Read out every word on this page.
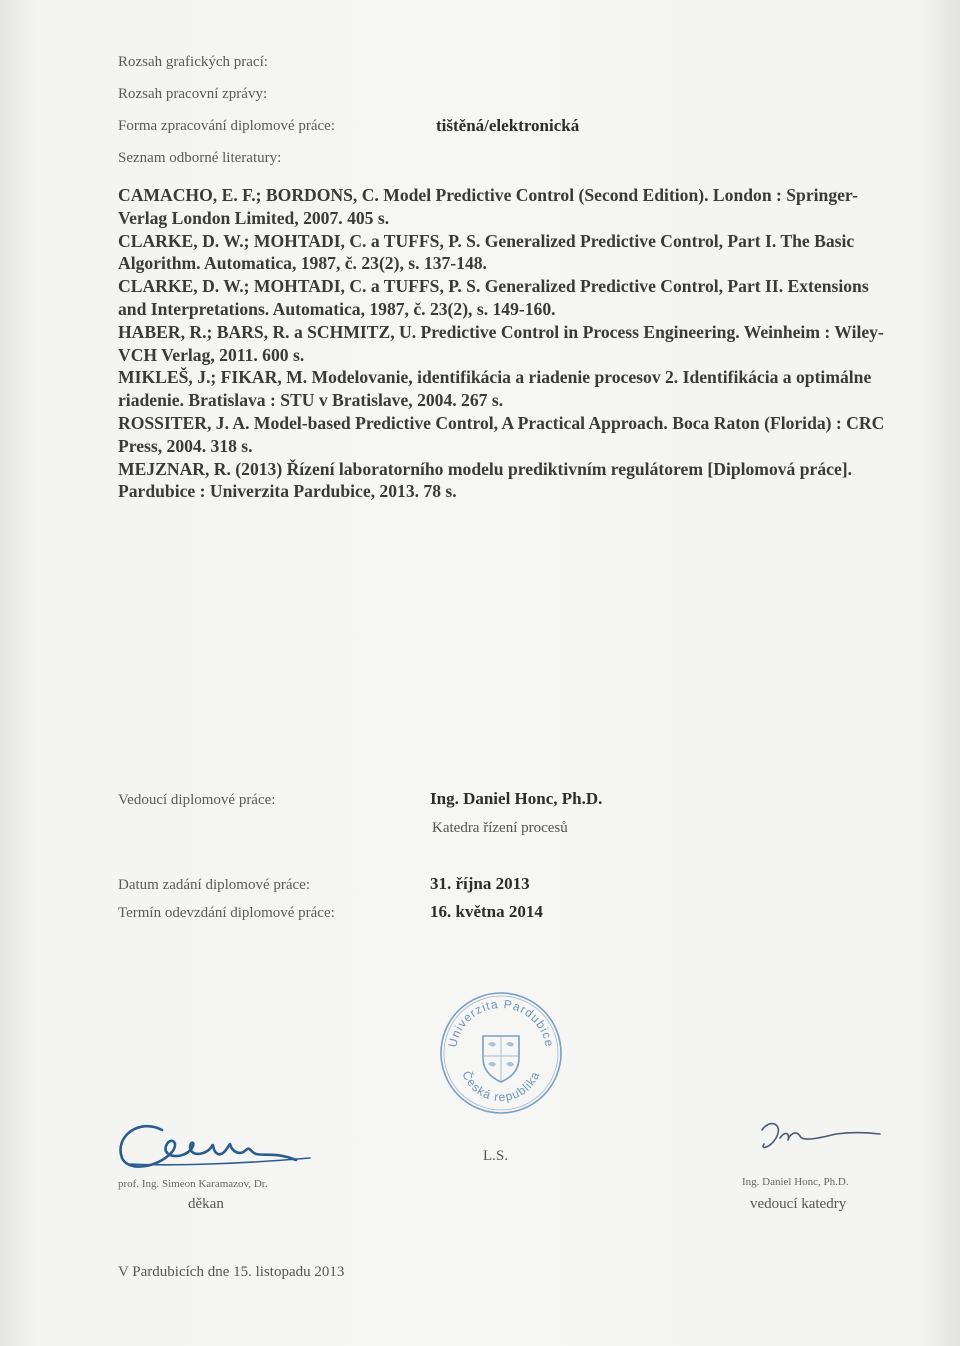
Rozsah grafických prací:
Rozsah pracovní zprávy:
Forma zpracování diplomové práce:	tištěná/elektronická
Seznam odborné literatury:

CAMACHO, E. F.; BORDONS, C. Model Predictive Control (Second Edition). London : Springer-Verlag London Limited, 2007. 405 s.

CLARKE, D. W.; MOHTADI, C. a TUFFS, P. S. Generalized Predictive Control, Part I. The Basic Algorithm. Automatica, 1987, č. 23(2), s. 137-148.

CLARKE, D. W.; MOHTADI, C. a TUFFS, P. S. Generalized Predictive Control, Part II. Extensions and Interpretations. Automatica, 1987, č. 23(2), s. 149-160.

HABER, R.; BARS, R. a SCHMITZ, U. Predictive Control in Process Engineering. Weinheim : Wiley-VCH Verlag, 2011. 600 s.

MIKLEŠ, J.; FIKAR, M. Modelovanie, identifikácia a riadenie procesov 2. Identifikácia a optimálne riadenie. Bratislava : STU v Bratislave, 2004. 267 s.

ROSSITER, J. A. Model-based Predictive Control, A Practical Approach. Boca Raton (Florida) : CRC Press, 2004. 318 s.

MEJZNAR, R. (2013) Řízení laboratorního modelu prediktivním regulátorem [Diplomová práce]. Pardubice : Univerzita Pardubice, 2013. 78 s.

Vedoucí diplomové práce:	Ing. Daniel Honc, Ph.D.
Katedra řízení procesů
Datum zadání diplomové práce:	31. října 2013
Termín odevzdání diplomové práce:	16. května 2014
Univerzita Pardubice
Česká republika
prof. Ing. Simeon Karamazov, Dr.
děkan
L.S.
Ing. Daniel Honc, Ph.D.
vedoucí katedry
V Pardubicích dne 15. listopadu 2013
